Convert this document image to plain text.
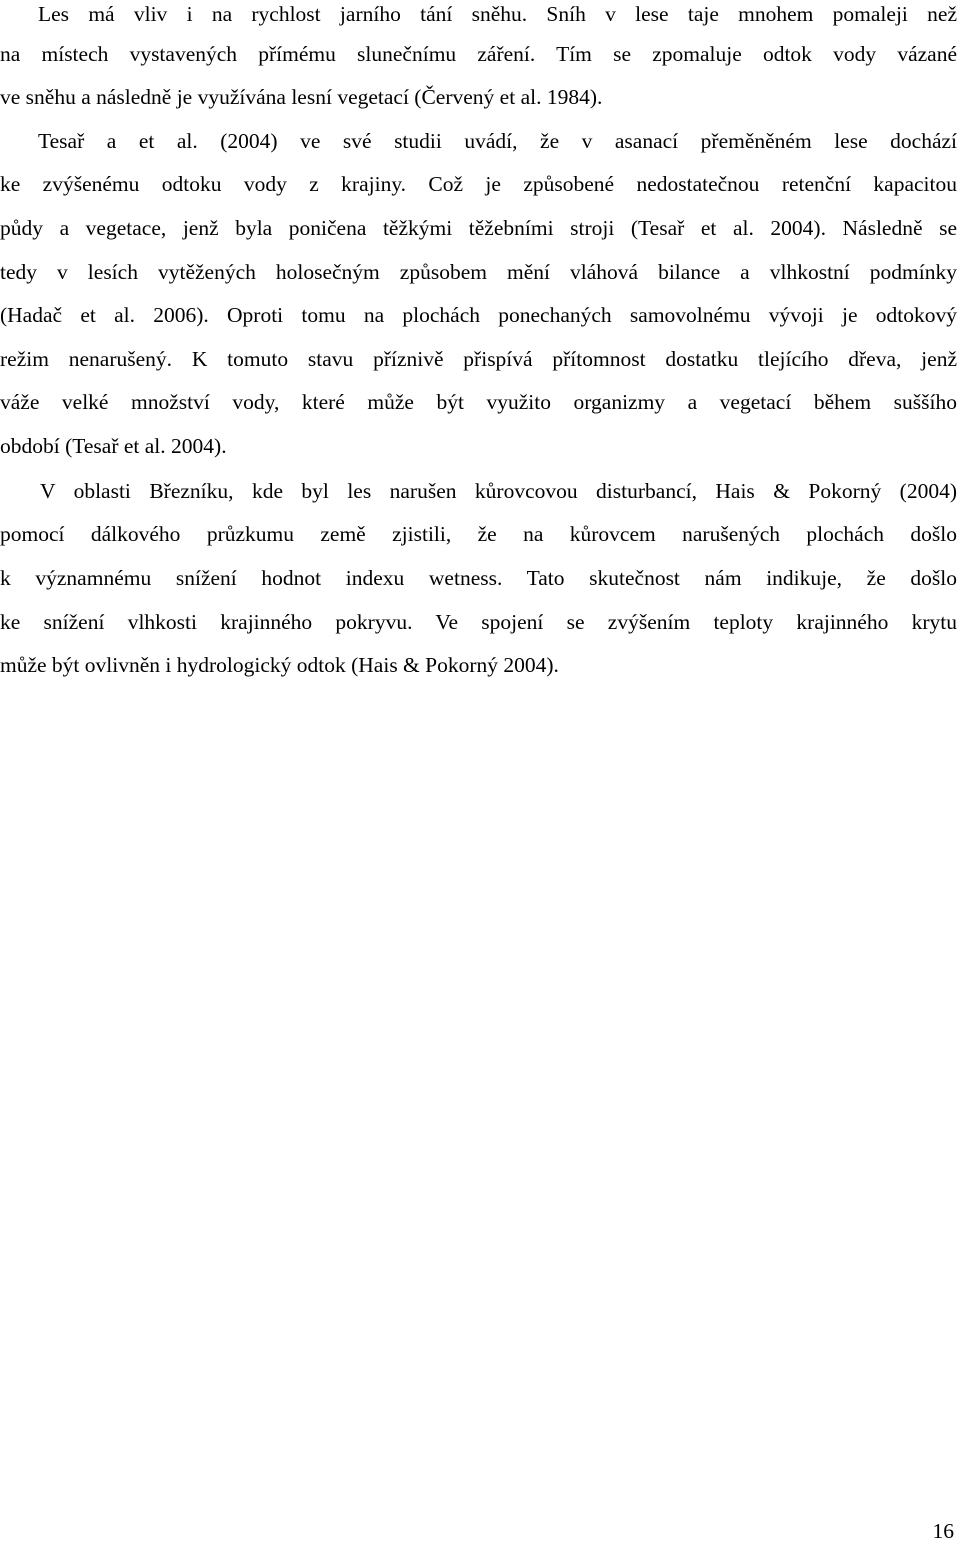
Les má vliv i na rychlost jarního tání sněhu. Sníh v lese taje mnohem pomaleji než
na místech vystavených přímému slunečnímu záření. Tím se zpomaluje odtok vody vázané
ve sněhu a následně je využívána lesní vegetací (Červený et al. 1984).
Tesař a et al. (2004) ve své studii uvádí, že v asanací přeměněném lese dochází
ke zvýšenému odtoku vody z krajiny. Což je způsobené nedostatečnou retenční kapacitou
půdy a vegetace, jenž byla poničena těžkými těžebními stroji (Tesař et al. 2004). Následně se
tedy v lesích vytěžených holosečným způsobem mění vláhová bilance a vlhkostní podmínky
(Hadač et al. 2006). Oproti tomu na plochách ponechaných samovolnému vývoji je odtokový
režim nenarušený. K tomuto stavu příznivě přispívá přítomnost dostatku tlejícího dřeva, jenž
váže velké množství vody, které může být využito organizmy a vegetací během suššího
období (Tesař et al. 2004).
V oblasti Březníku, kde byl les narušen kůrovcovou disturbancí, Hais & Pokorný (2004)
pomocí dálkového průzkumu země zjistili, že na kůrovcem narušených plochách došlo
k významnému snížení hodnot indexu wetness. Tato skutečnost nám indikuje, že došlo
ke snížení vlhkosti krajinného pokryvu. Ve spojení se zvýšením teploty krajinného krytu
může být ovlivněn i hydrologický odtok (Hais & Pokorný 2004).
16
